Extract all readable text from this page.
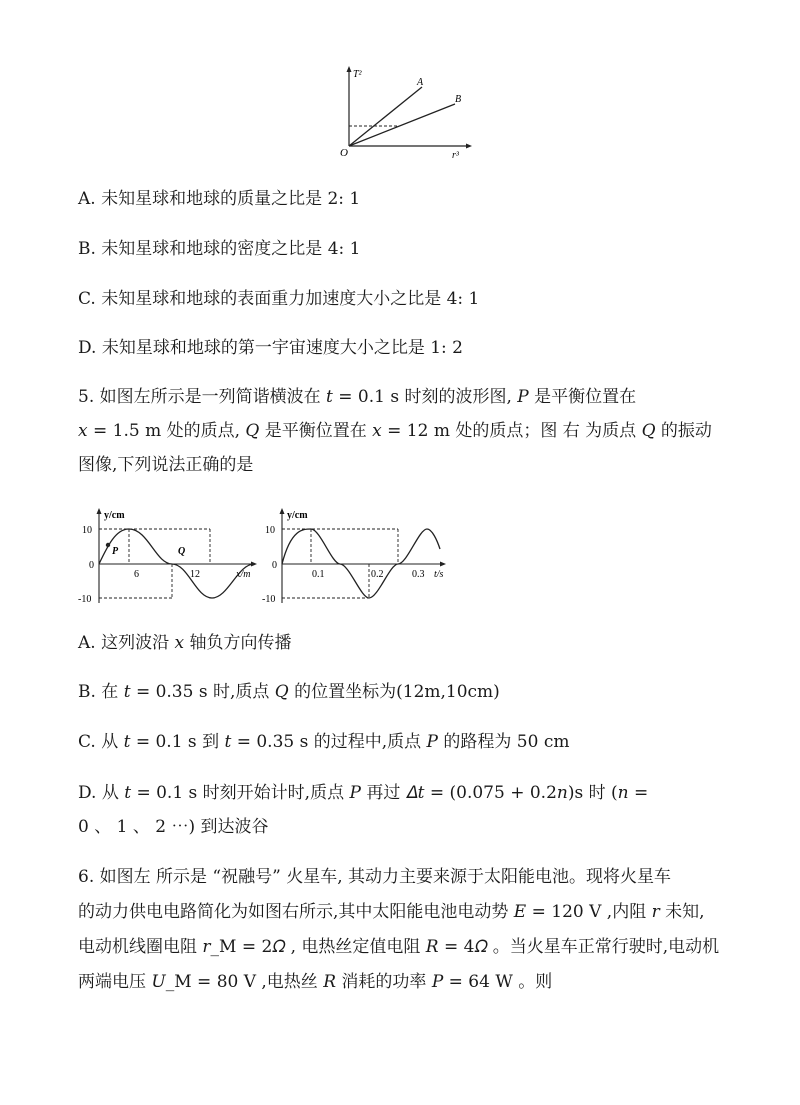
T²
r³
O
A
B
A. 未知星球和地球的质量之比是 2: 1
B. 未知星球和地球的密度之比是 4: 1
C. 未知星球和地球的表面重力加速度大小之比是 4: 1
D. 未知星球和地球的第一宇宙速度大小之比是 1: 2
5. 如图左所示是一列简谐横波在 𝑡 = 0.1 s 时刻的波形图, 𝑃 是平衡位置在
𝑥 = 1.5 m 处的质点, 𝑄 是平衡位置在 𝑥 = 12 m 处的质点；图 右 为质点 𝑄 的振动
图像,下列说法正确的是
y/cm
10
-10
0
6	12	x/m
P	Q
y/cm
10
-10
0
0.1	0.2	0.3 t/s
A. 这列波沿 𝑥 轴负方向传播
B. 在 𝑡 = 0.35 s 时,质点 𝑄 的位置坐标为(12m,10cm)
C. 从 𝑡 = 0.1 s 到 𝑡 = 0.35 s 的过程中,质点 𝑃 的路程为 50 cm
D. 从 𝑡 = 0.1 s 时刻开始计时,质点 𝑃 再过 𝛥𝑡 = (0.075 + 0.2𝑛)s 时 (𝑛 =
0 、 1 、 2 ⋯) 到达波谷
6. 如图左 所示是 “祝融号” 火星车, 其动力主要来源于太阳能电池。现将火星车
的动力供电电路简化为如图右所示,其中太阳能电池电动势 𝐸 = 120 V ,内阻 𝑟 未知,
电动机线圈电阻 𝑟_M = 2𝛺 , 电热丝定值电阻 𝑅 = 4𝛺 。当火星车正常行驶时,电动机
两端电压 𝑈_M = 80 V ,电热丝 𝑅 消耗的功率 𝑃 = 64 W 。则
